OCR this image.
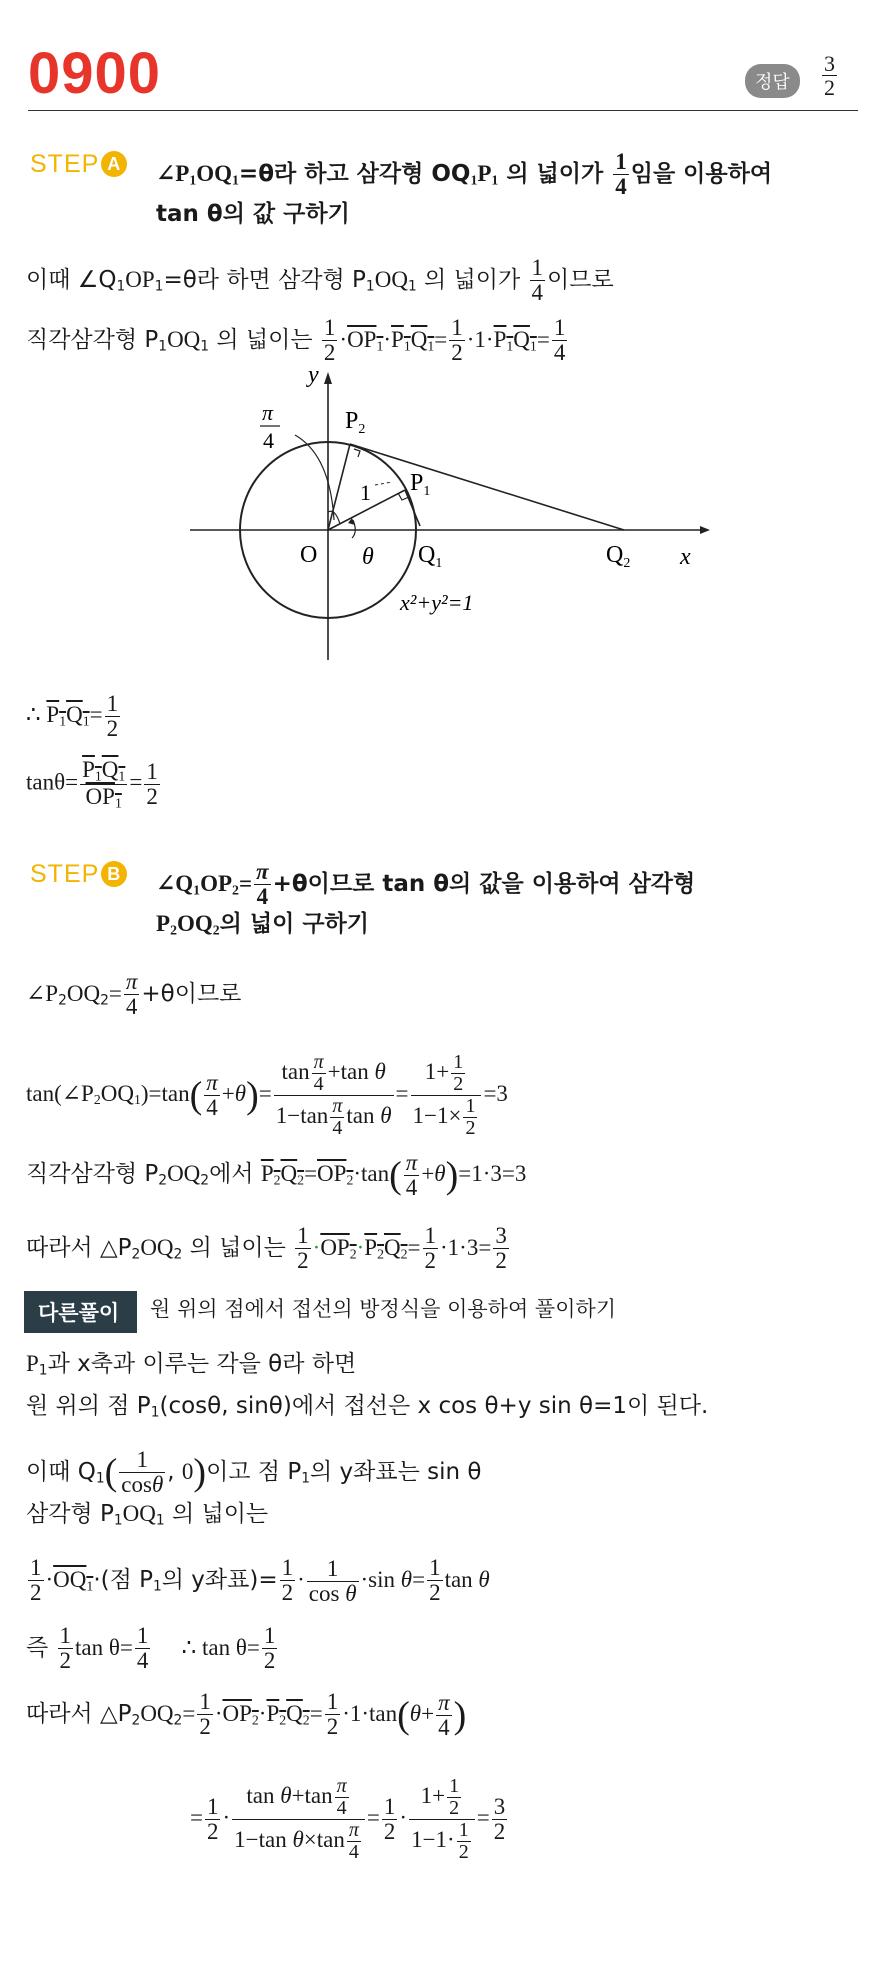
0900	정답	$\frac{3}{2}$
STEP A $\angle P_1OQ_1=\theta$라 하고 삼각형 $OQ_1P_1$ 의 넓이가 $\frac{1}{4}$ 임을 이용하여
tan θ의 값 구하기
이때 $\angle Q_1OP_1=\theta$라 하면 삼각형 $P_1OQ_1$ 의 넓이가 $\frac{1}{4}$ 이므로
직각삼각형 $P_1OQ_1$ 의 넓이는 $\frac{1}{2} \cdot OP_1\cdot P_1Q_1= \frac{1}{2} \cdot 1\cdot P_1Q_1= \frac{1}{4}$
y
x
O
$P_2$
$P_1$
$Q_1$	$Q_2$
1
θ
π
4
x²+y²=1
∴ $P_1Q_1= \frac{1}{2}$
$\tan\theta= \frac{P_1Q_1}{OP_1} = \frac{1}{2}$
STEP B $\angle Q_1OP_2= \frac{\pi}{4} +\theta$이므로 tan θ의 값을 이용하여 삼각형
$P_2OQ_2$의 넓이 구하기
$\angle P_2OQ_2= \frac{\pi}{4} +\theta$이므로
$\tan(\angle P_2OQ_1)=\tan( \frac{\pi}{4} +\theta)= \frac{\tan \frac{\pi}{4} +\tan \theta}{1-\tan \frac{\pi}{4} \tan \theta} = \frac{1+ \frac{1}{2}}{1-1\times \frac{1}{2}} =3$
직각삼각형 $P_2OQ_2$에서 $P_2Q_2=OP_2\cdot\tan( \frac{\pi}{4} +\theta)=1\cdot 3=3$
따라서 $\triangle P_2OQ_2$ 의 넓이는 $\frac{1}{2} \cdot OP_2\cdot P_2Q_2= \frac{1}{2} \cdot 1\cdot 3= \frac{3}{2}$
다른풀이	원 위의 점에서 접선의 방정식을 이용하여 풀이하기
$P_1$과 x축과 이루는 각을 θ라 하면
원 위의 점 $P_1(\cos\theta$, sinθ)에서 접선은 x cos θ+y sin θ=1이 된다.
이때 $Q_1( \frac{1}{\cos\theta}$ , 0)이고 점 $P_1$의 y좌표는 sin θ
삼각형 $P_1OQ_1$ 의 넓이는
$\frac{1}{2} \cdot OQ_1\cdot$(점 $P_1$의 y좌표)= $\frac{1}{2} \cdot \frac{1}{\text{cos θ}} \cdot\sin$ $\theta= \frac{1}{2}$ tan θ
즉 $\frac{1}{2}$ $\tan \theta= \frac{1}{4}$ ∴ $\tan \theta= \frac{1}{2}$
따라서 $\triangle P_2OQ_2= \frac{1}{2} \cdot OP_2\cdot P_2Q_2= \frac{1}{2} \cdot 1\cdot\tan(\theta+ \frac{\pi}{4}$ )
= $\frac{1}{2} \cdot \frac{\tan \theta+\tan \frac{\pi}{4}}{1-\tan \theta\times\tan \frac{\pi}{4}} = \frac{1}{2} \cdot \frac{1+ \frac{1}{2}}{1-1\cdot \frac{1}{2}} = \frac{3}{2}$
